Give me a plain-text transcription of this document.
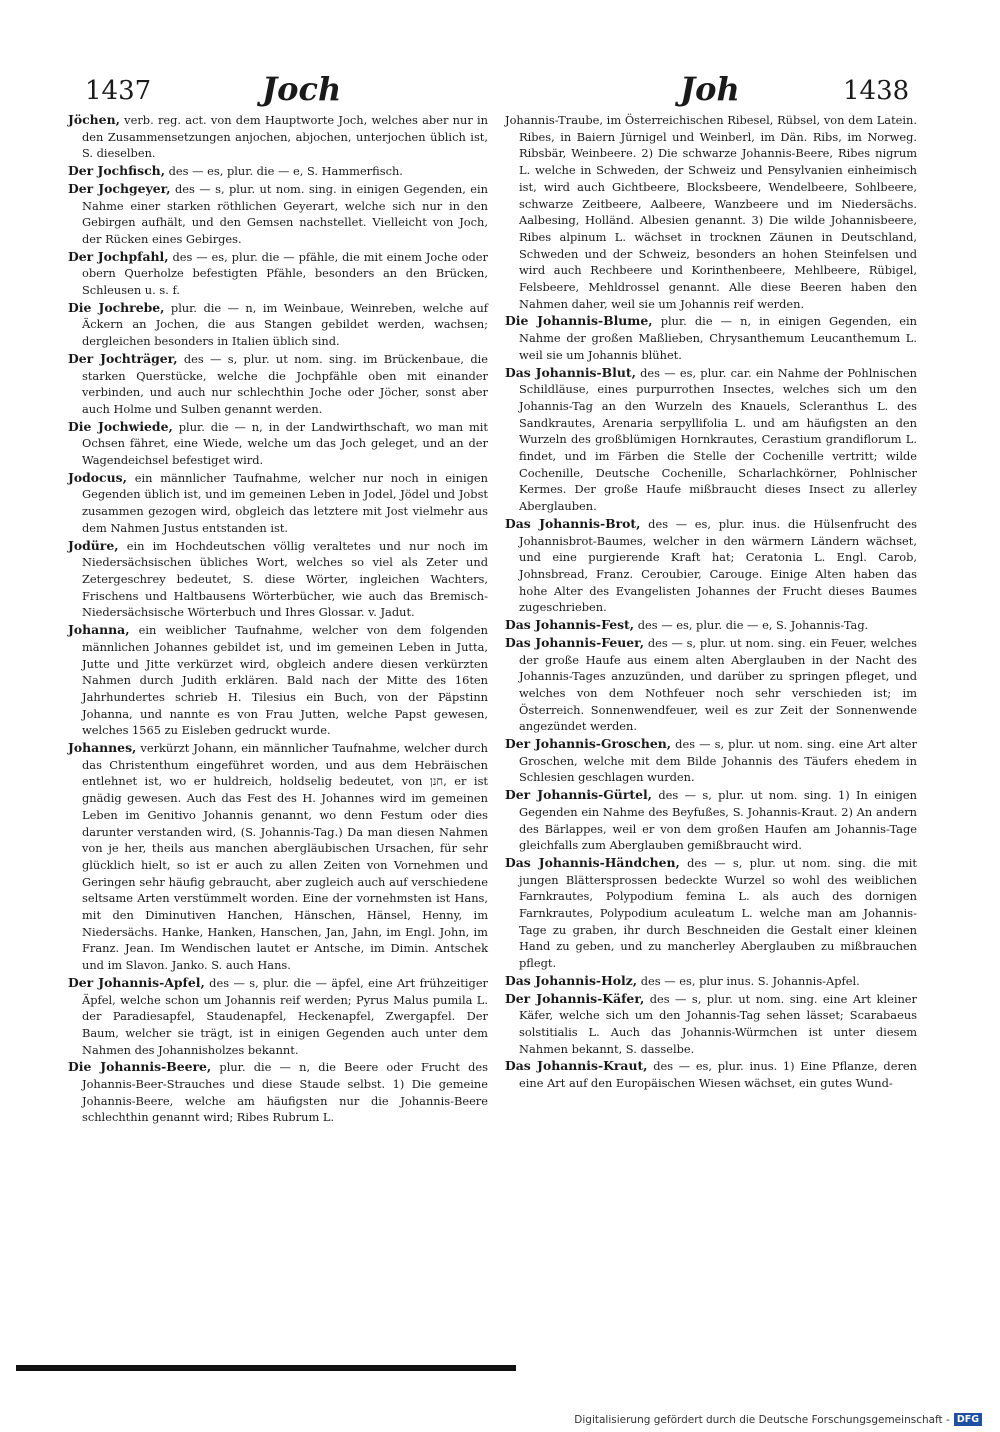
1437	Joch	Joh	1438

Jöchen, verb. reg. act. von dem Hauptworte Joch, welches aber nur in den Zusammensetzungen anjochen, abjochen, unterjochen üblich ist, S. dieselben.

Der Jochfisch, des — es, plur. die — e, S. Hammerfisch.

Der Jochgeyer, des — s, plur. ut nom. sing. in einigen Gegenden, ein Nahme einer starken röthlichen Geyerart, welche sich nur in den Gebirgen aufhält, und den Gemsen nachstellet. Vielleicht von Joch, der Rücken eines Gebirges.

Der Jochpfahl, des — es, plur. die — pfähle, die mit einem Joche oder obern Querholze befestigten Pfähle, besonders an den Brücken, Schleusen u. s. f.

Die Jochrebe, plur. die — n, im Weinbaue, Weinreben, welche auf Äckern an Jochen, die aus Stangen gebildet werden, wachsen; dergleichen besonders in Italien üblich sind.

Der Jochträger, des — s, plur. ut nom. sing. im Brückenbaue, die starken Querstücke, welche die Jochpfähle oben mit einander verbinden, und auch nur schlechthin Joche oder Jöcher, sonst aber auch Holme und Sulben genannt werden.

Die Jochwiede, plur. die — n, in der Landwirthschaft, wo man mit Ochsen fähret, eine Wiede, welche um das Joch geleget, und an der Wagendeichsel befestiget wird.

Jodocus, ein männlicher Taufnahme, welcher nur noch in einigen Gegenden üblich ist, und im gemeinen Leben in Jodel, Jödel und Jobst zusammen gezogen wird, obgleich das letztere mit Jost vielmehr aus dem Nahmen Justus entstanden ist.

Jodüre, ein im Hochdeutschen völlig veraltetes und nur noch im Niedersächsischen übliches Wort, welches so viel als Zeter und Zetergeschrey bedeutet, S. diese Wörter, ingleichen Wachters, Frischens und Haltbausens Wörterbücher, wie auch das Bremisch-Niedersächsische Wörterbuch und Ihres Glossar. v. Jadut.

Johanna, ein weiblicher Taufnahme, welcher von dem folgenden männlichen Johannes gebildet ist, und im gemeinen Leben in Jutta, Jutte und Jitte verkürzet wird, obgleich andere diesen verkürzten Nahmen durch Judith erklären. Bald nach der Mitte des 16ten Jahrhundertes schrieb H. Tilesius ein Buch, von der Päpstinn Johanna, und nannte es von Frau Jutten, welche Papst gewesen, welches 1565 zu Eisleben gedruckt wurde.

Johannes, verkürzt Johann, ein männlicher Taufnahme, welcher durch das Christenthum eingeführet worden, und aus dem Hebräischen entlehnet ist, wo er huldreich, holdselig bedeutet, von חנן, er ist gnädig gewesen. Auch das Fest des H. Johannes wird im gemeinen Leben im Genitivo Johannis genannt, wo denn Festum oder dies darunter verstanden wird, (S. Johannis-Tag.) Da man diesen Nahmen von je her, theils aus manchen abergläubischen Ursachen, für sehr glücklich hielt, so ist er auch zu allen Zeiten von Vornehmen und Geringen sehr häufig gebraucht, aber zugleich auch auf verschiedene seltsame Arten verstümmelt worden. Eine der vornehmsten ist Hans, mit den Diminutiven Hanchen, Hänschen, Hänsel, Henny, im Niedersächs. Hanke, Hanken, Hanschen, Jan, Jahn, im Engl. John, im Franz. Jean. Im Wendischen lautet er Antsche, im Dimin. Antschek und im Slavon. Janko. S. auch Hans.

Der Johannis-Apfel, des — s, plur. die — äpfel, eine Art frühzeitiger Äpfel, welche schon um Johannis reif werden; Pyrus Malus pumila L. der Paradiesapfel, Staudenapfel, Heckenapfel, Zwergapfel. Der Baum, welcher sie trägt, ist in einigen Gegenden auch unter dem Nahmen des Johannisholzes bekannt.

Die Johannis-Beere, plur. die — n, die Beere oder Frucht des Johannis-Beer-Strauches und diese Staude selbst. 1) Die gemeine Johannis-Beere, welche am häufigsten nur die Johannis-Beere schlechthin genannt wird; Ribes Rubrum L.

Johannis-Traube, im Österreichischen Ribesel, Rübsel, von dem Latein. Ribes, in Baiern Jürnigel und Weinberl, im Dän. Ribs, im Norweg. Ribsbär, Weinbeere. 2) Die schwarze Johannis-Beere, Ribes nigrum L. welche in Schweden, der Schweiz und Pensylvanien einheimisch ist, wird auch Gichtbeere, Blocksbeere, Wendelbeere, Sohlbeere, schwarze Zeitbeere, Aalbeere, Wanzbeere und im Niedersächs. Aalbesing, Holländ. Albesien genannt. 3) Die wilde Johannisbeere, Ribes alpinum L. wächset in trocknen Zäunen in Deutschland, Schweden und der Schweiz, besonders an hohen Steinfelsen und wird auch Rechbeere und Korinthenbeere, Mehlbeere, Rübigel, Felsbeere, Mehldrossel genannt. Alle diese Beeren haben den Nahmen daher, weil sie um Johannis reif werden.

Die Johannis-Blume, plur. die — n, in einigen Gegenden, ein Nahme der großen Maßlieben, Chrysanthemum Leucanthemum L. weil sie um Johannis blühet.

Das Johannis-Blut, des — es, plur. car. ein Nahme der Pohlnischen Schildläuse, eines purpurrothen Insectes, welches sich um den Johannis-Tag an den Wurzeln des Knauels, Scleranthus L. des Sandkrautes, Arenaria serpyllifolia L. und am häufigsten an den Wurzeln des großblümigen Hornkrautes, Cerastium grandiflorum L. findet, und im Färben die Stelle der Cochenille vertritt; wilde Cochenille, Deutsche Cochenille, Scharlachkörner, Pohlnischer Kermes. Der große Haufe mißbraucht dieses Insect zu allerley Aberglauben.

Das Johannis-Brot, des — es, plur. inus. die Hülsenfrucht des Johannisbrot-Baumes, welcher in den wärmern Ländern wächset, und eine purgierende Kraft hat; Ceratonia L. Engl. Carob, Johnsbread, Franz. Ceroubier, Carouge. Einige Alten haben das hohe Alter des Evangelisten Johannes der Frucht dieses Baumes zugeschrieben.

Das Johannis-Fest, des — es, plur. die — e, S. Johannis-Tag.

Das Johannis-Feuer, des — s, plur. ut nom. sing. ein Feuer, welches der große Haufe aus einem alten Aberglauben in der Nacht des Johannis-Tages anzuzünden, und darüber zu springen pfleget, und welches von dem Nothfeuer noch sehr verschieden ist; im Österreich. Sonnenwendfeuer, weil es zur Zeit der Sonnenwende angezündet werden.

Der Johannis-Groschen, des — s, plur. ut nom. sing. eine Art alter Groschen, welche mit dem Bilde Johannis des Täufers ehedem in Schlesien geschlagen wurden.

Der Johannis-Gürtel, des — s, plur. ut nom. sing. 1) In einigen Gegenden ein Nahme des Beyfußes, S. Johannis-Kraut. 2) An andern des Bärlappes, weil er von dem großen Haufen am Johannis-Tage gleichfalls zum Aberglauben gemißbraucht wird.

Das Johannis-Händchen, des — s, plur. ut nom. sing. die mit jungen Blättersprossen bedeckte Wurzel so wohl des weiblichen Farnkrautes, Polypodium femina L. als auch des dornigen Farnkrautes, Polypodium aculeatum L. welche man am Johannis-Tage zu graben, ihr durch Beschneiden die Gestalt einer kleinen Hand zu geben, und zu mancherley Aberglauben zu mißbrauchen pflegt.

Das Johannis-Holz, des — es, plur inus. S. Johannis-Apfel.

Der Johannis-Käfer, des — s, plur. ut nom. sing. eine Art kleiner Käfer, welche sich um den Johannis-Tag sehen lässet; Scarabaeus solstitialis L. Auch das Johannis-Würmchen ist unter diesem Nahmen bekannt, S. dasselbe.

Das Johannis-Kraut, des — es, plur. inus. 1) Eine Pflanze, deren eine Art auf den Europäischen Wiesen wächset, ein gutes Wund-

Digitalisierung gefördert durch die Deutsche Forschungsgemeinschaft - DFG
